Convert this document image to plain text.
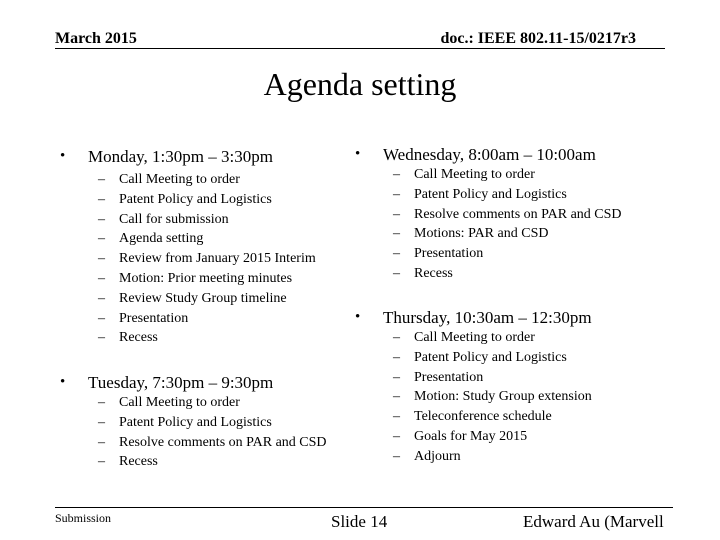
March 2015	doc.: IEEE 802.11-15/0217r3
Agenda setting
• Monday, 1:30pm – 3:30pm
– Call Meeting to order
– Patent Policy and Logistics
– Call for submission
– Agenda setting
– Review from January 2015 Interim
– Motion: Prior meeting minutes
– Review Study Group timeline
– Presentation
– Recess
• Tuesday, 7:30pm – 9:30pm
– Call Meeting to order
– Patent Policy and Logistics
– Resolve comments on PAR and CSD
– Recess
• Wednesday, 8:00am – 10:00am
– Call Meeting to order
– Patent Policy and Logistics
– Resolve comments on PAR and CSD
– Motions: PAR and CSD
– Presentation
– Recess
• Thursday, 10:30am – 12:30pm
– Call Meeting to order
– Patent Policy and Logistics
– Presentation
– Motion: Study Group extension
– Teleconference schedule
– Goals for May 2015
– Adjourn
Submission	Slide 14	Edward Au (Marvell
